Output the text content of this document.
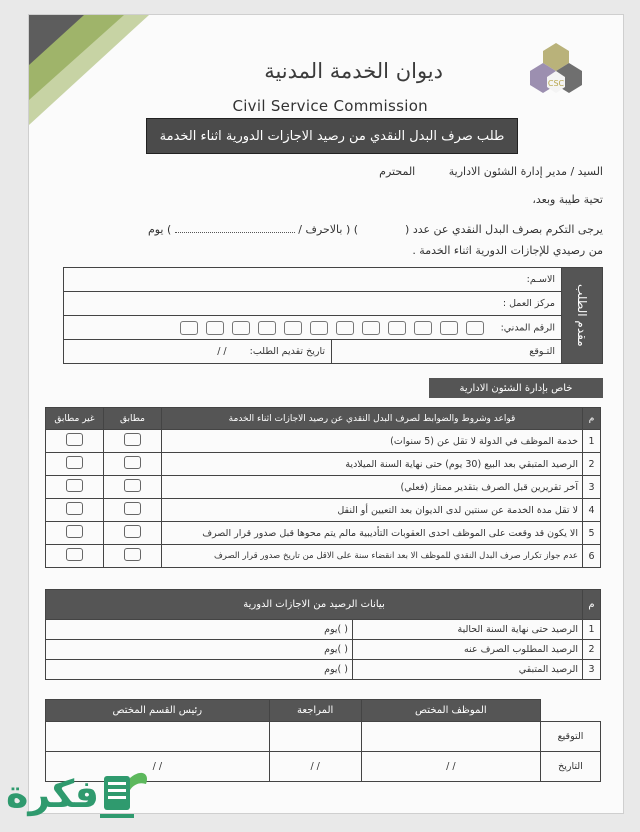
CSC
ديوان الخدمة المدنية
Civil Service Commission
طلب صرف البدل النقدي من رصيد الاجازات الدورية اثناء الخدمة
السيد / مدير إدارة الشئون الادارية المحترم
تحية طيبة وبعد،
يرجى التكرم بصرف البدل النقدي عن عدد (  ) ( بالاحرف /  ) يوم
من رصيدي للإجازات الدورية اثناء الخدمة .
مقدم الطلب	الاسـم:	
	مركز العمل :	
	الرقم المدني:	
	التـوقع	تاريخ تقديم الطلب: / /
خاص بإدارة الشئون الادارية
م	قواعد وشروط والضوابط لصرف البدل النقدي عن رصيد الاجازات اثناء الخدمة	مطابق	غير مطابق
1	خدمة الموظف في الدولة لا تقل عن (5 سنوات)		
2	الرصيد المتبقي بعد البيع (30 يوم) حتى نهاية السنة الميلادية		
3	آخر تقريرين قبل الصرف بتقدير ممتاز (فعلي)		
4	لا تقل مدة الخدمة عن سنتين لدى الديوان بعد التعيين أو النقل		
5	الا يكون قد وقعت على الموظف احدى العقوبات التأديبية مالم يتم محوها قبل صدور قرار الصرف		
6	عدم جواز تكرار صرف البدل النقدي للموظف الا بعد انقضاء سنة على الاقل من تاريخ صدور قرار الصرف		
م	بيانات الرصيد من الاجازات الدورية	
1	الرصيد حتى نهاية السنة الحالية	( )يوم
2	الرصيد المطلوب الصرف عنه	( )يوم
3	الرصيد المتبقي	( )يوم
	الموظف المختص	المراجعة	رئيس القسم المختص
التوقيع			
التاريخ	/ /	/ /	/ /
فكرة
